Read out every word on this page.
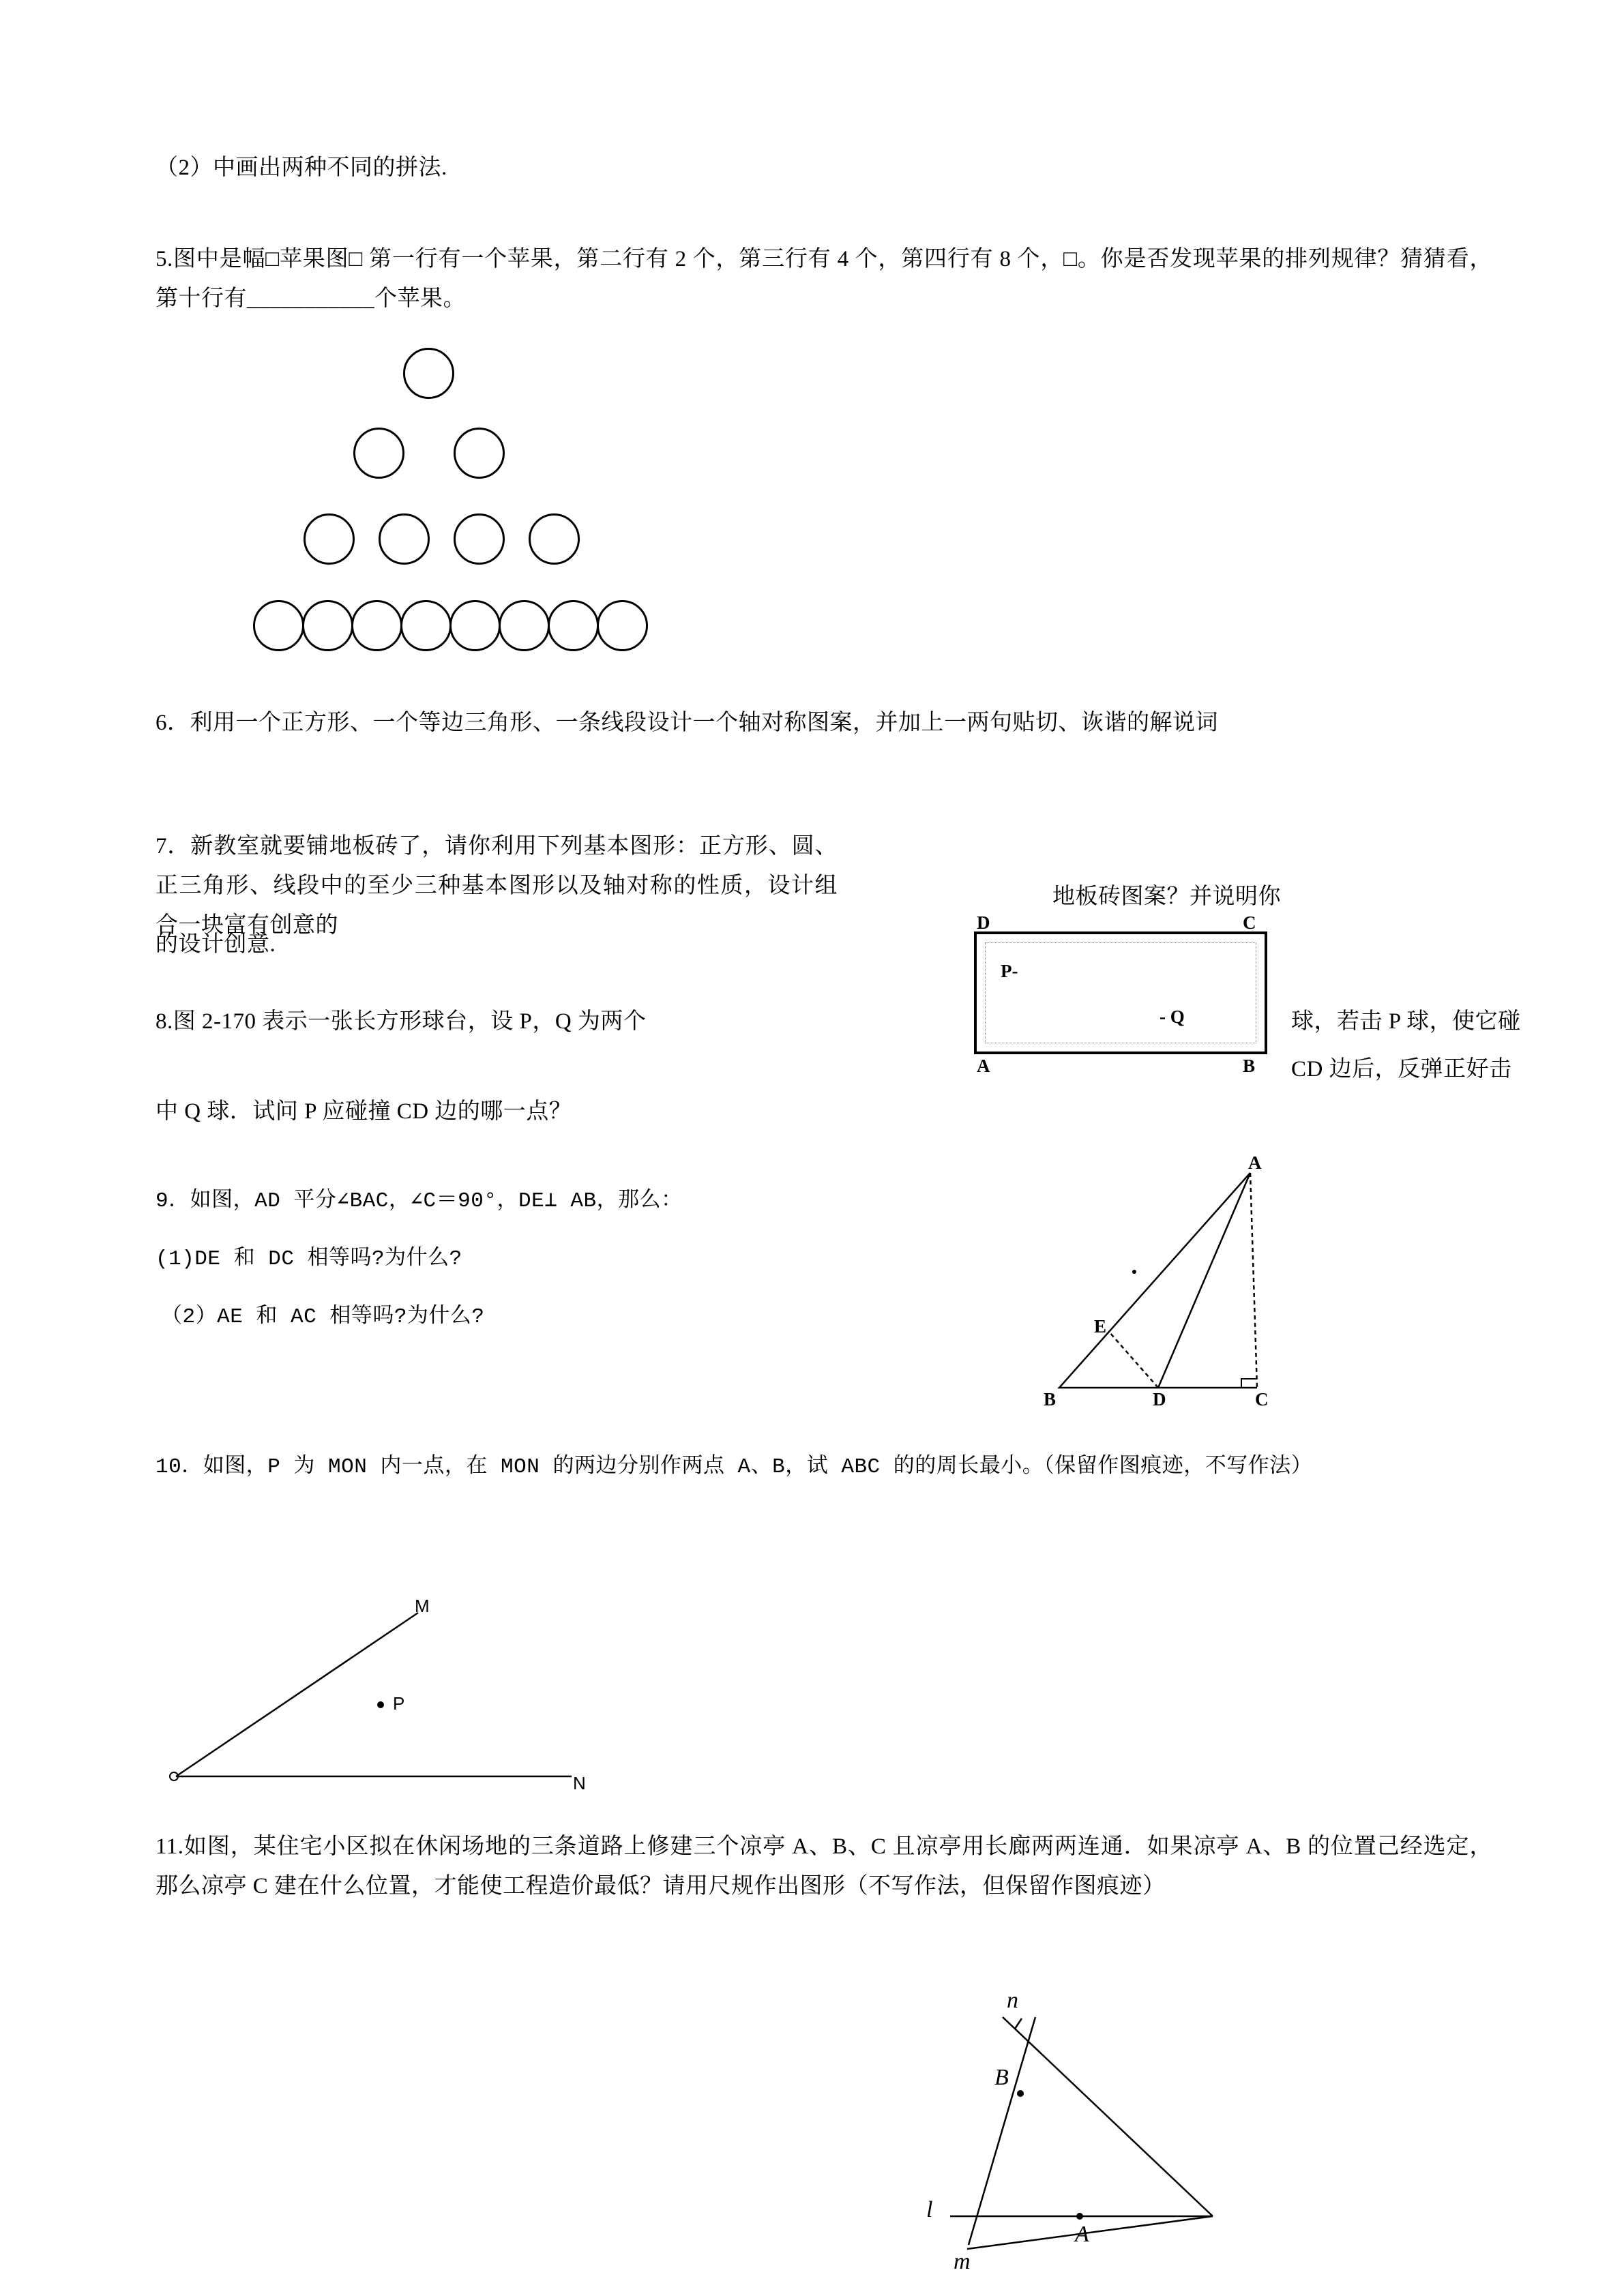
（2）中画出两种不同的拼法.

5.图中是幅□苹果图□ 第一行有一个苹果，第二行有 2 个，第三行有 4 个，第四行有 8 个，□。你是否发现苹果的排列规律？猜猜看，第十行有___________个苹果。

6．利用一个正方形、一个等边三角形、一条线段设计一个轴对称图案，并加上一两句贴切、诙谐的解说词

7．新教室就要铺地板砖了，请你利用下列基本图形：正方形、圆、正三角形、线段中的至少三种基本图形以及轴对称的性质，设计组合一块富有创意的

地板砖图案？并说明你

的设计创意.

8.图 2-170 表示一张长方形球台，设 P，Q 为两个	球，若击 P 球，使它碰

CD 边后，反弹正好击

中 Q 球．试问 P 应碰撞 CD 边的哪一点？

D	C
A	B
P-
- Q

9．如图，AD 平分∠BAC，∠C＝90°，DE⊥ AB，那么：

(1)DE 和 DC 相等吗?为什么?

（2）AE 和 AC 相等吗?为什么?

A
B	D	C
E

10．如图，P 为 MON 内一点，在 MON 的两边分别作两点 A、B，试 ABC 的的周长最小。（保留作图痕迹，不写作法）

M
N
P

11.如图，某住宅小区拟在休闲场地的三条道路上修建三个凉亭 A、B、C 且凉亭用长廊两两连通．如果凉亭 A、B 的位置己经选定，那么凉亭 C 建在什么位置，才能使工程造价最低？请用尺规作出图形（不写作法，但保留作图痕迹）

n
B
l
A
m
